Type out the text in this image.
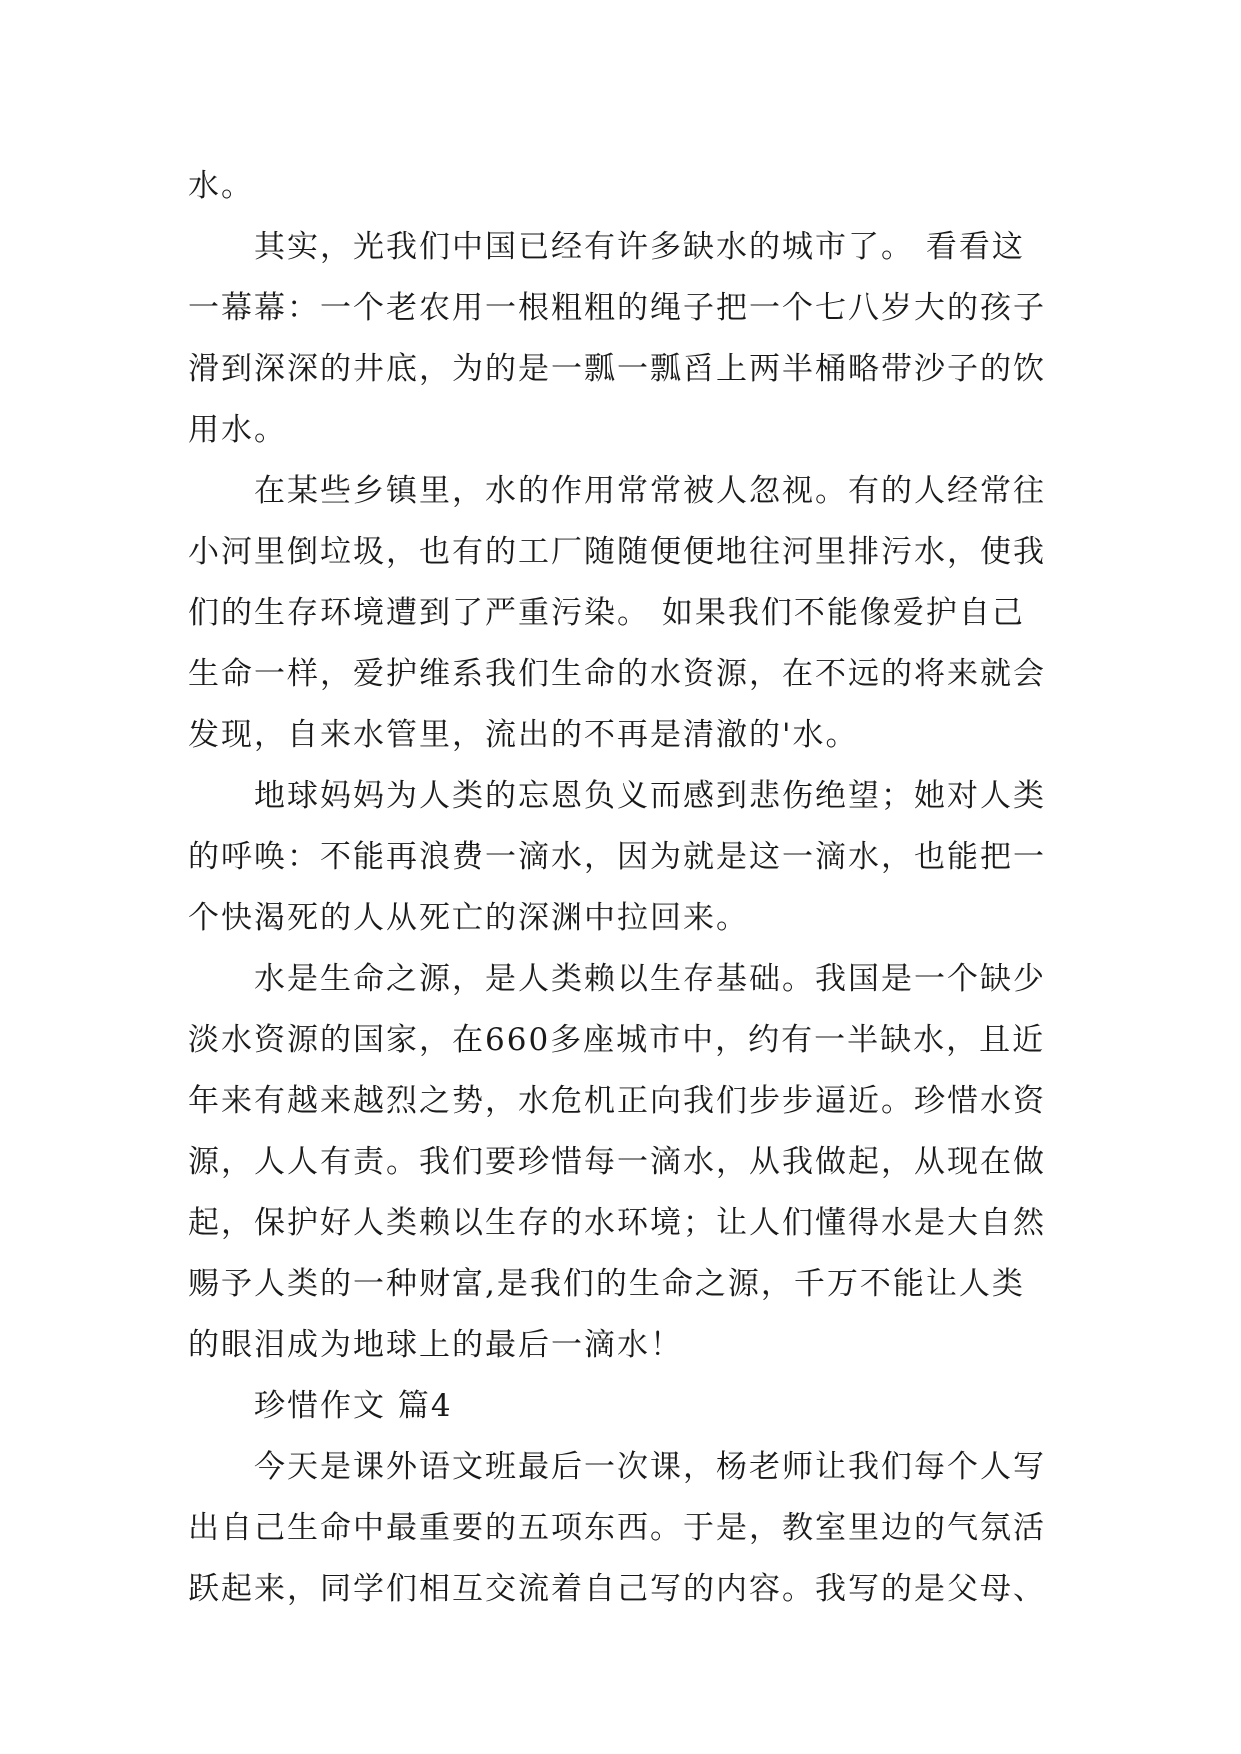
水。
　　其实，光我们中国已经有许多缺水的城市了。 看看这
一幕幕：一个老农用一根粗粗的绳子把一个七八岁大的孩子
滑到深深的井底，为的是一瓢一瓢舀上两半桶略带沙子的饮
用水。
　　在某些乡镇里，水的作用常常被人忽视。有的人经常往
小河里倒垃圾，也有的工厂随随便便地往河里排污水，使我
们的生存环境遭到了严重污染。 如果我们不能像爱护自己
生命一样，爱护维系我们生命的水资源，在不远的将来就会
发现，自来水管里，流出的不再是清澈的'水。
　　地球妈妈为人类的忘恩负义而感到悲伤绝望；她对人类
的呼唤：不能再浪费一滴水，因为就是这一滴水，也能把一
个快渴死的人从死亡的深渊中拉回来。
　　水是生命之源，是人类赖以生存基础。我国是一个缺少
淡水资源的国家，在660多座城市中，约有一半缺水，且近
年来有越来越烈之势，水危机正向我们步步逼近。珍惜水资
源，人人有责。我们要珍惜每一滴水，从我做起，从现在做
起，保护好人类赖以生存的水环境；让人们懂得水是大自然
赐予人类的一种财富,是我们的生命之源，千万不能让人类
的眼泪成为地球上的最后一滴水！
　　珍惜作文 篇4
　　今天是课外语文班最后一次课，杨老师让我们每个人写
出自己生命中最重要的五项东西。于是，教室里边的气氛活
跃起来，同学们相互交流着自己写的内容。我写的是父母、
